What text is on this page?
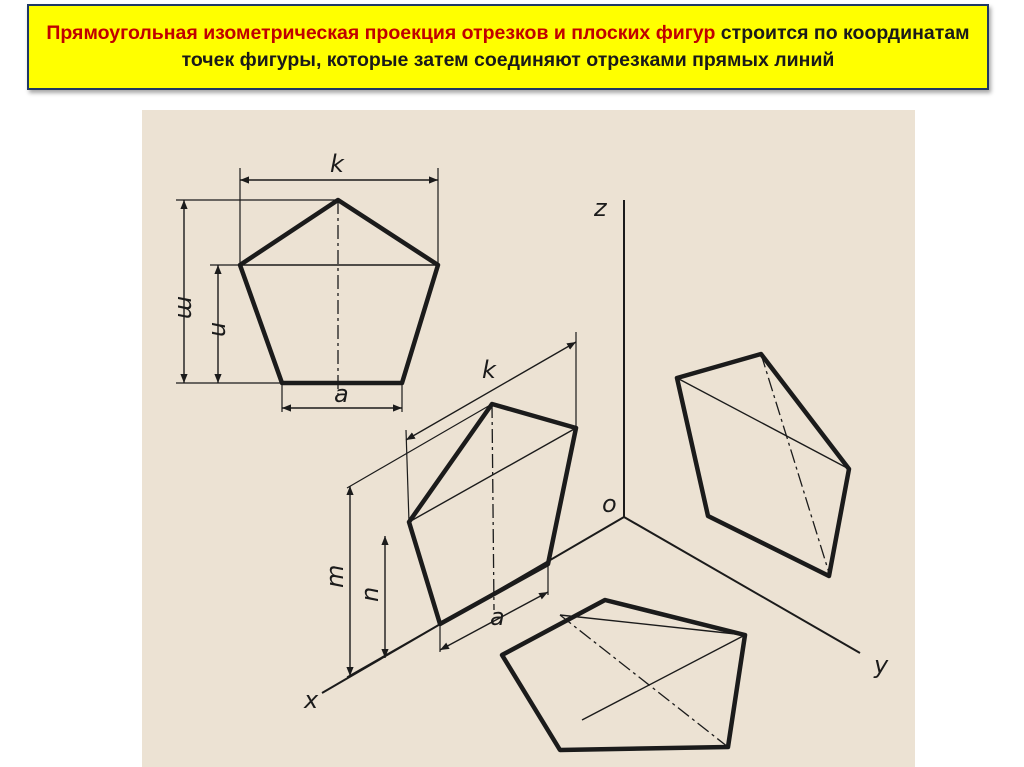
Прямоугольная изометрическая проекция отрезков и плоских фигур строится по координатам точек фигуры, которые затем соединяют отрезками прямых линий

k
m
n
a
z
o
x
y
k
m
n
a
